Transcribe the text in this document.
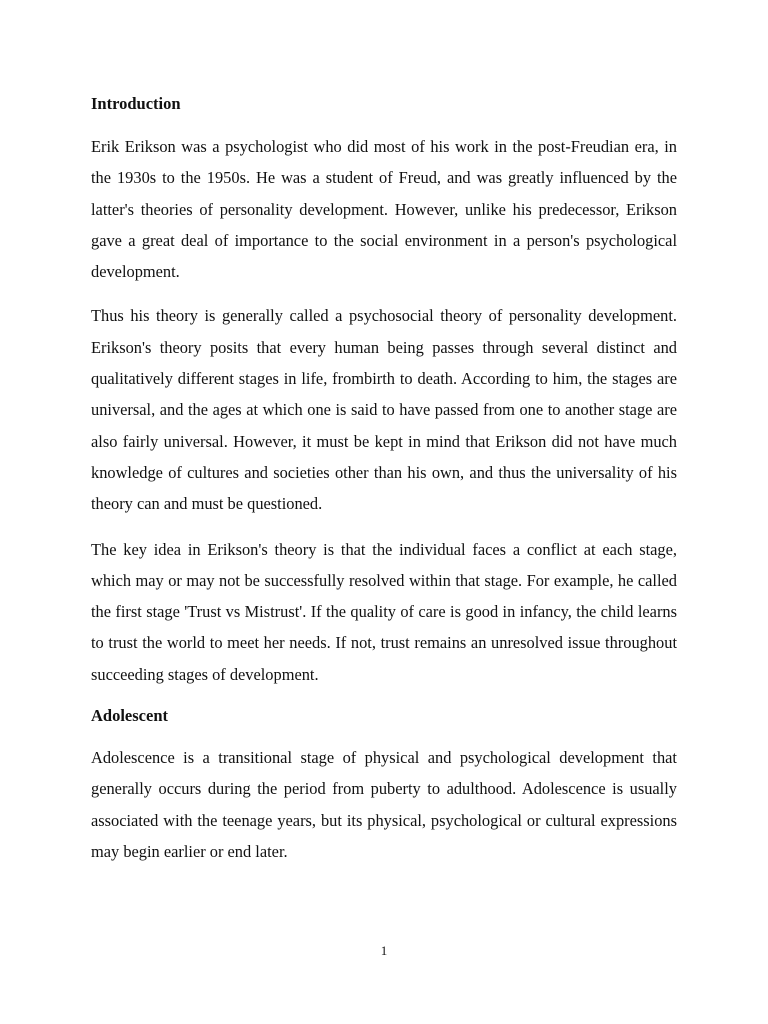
Introduction

Erik Erikson was a psychologist who did most of his work in the post-Freudian era, in the 1930s to the 1950s. He was a student of Freud, and was greatly influenced by the latter's theories of personality development. However, unlike his predecessor, Erikson gave a great deal of importance to the social environment in a person's psychological development.

Thus his theory is generally called a psychosocial theory of personality development. Erikson's theory posits that every human being passes through several distinct and qualitatively different stages in life, frombirth to death. According to him, the stages are universal, and the ages at which one is said to have passed from one to another stage are also fairly universal. However, it must be kept in mind that Erikson did not have much knowledge of cultures and societies other than his own, and thus the universality of his theory can and must be questioned.

The key idea in Erikson's theory is that the individual faces a conflict at each stage, which may or may not be successfully resolved within that stage. For example, he called the first stage 'Trust vs Mistrust'. If the quality of care is good in infancy, the child learns to trust the world to meet her needs. If not, trust remains an unresolved issue throughout succeeding stages of development.

Adolescent

Adolescence is a transitional stage of physical and psychological development that generally occurs during the period from puberty to adulthood. Adolescence is usually associated with the teenage years, but its physical, psychological or cultural expressions may begin earlier or end later.

1
